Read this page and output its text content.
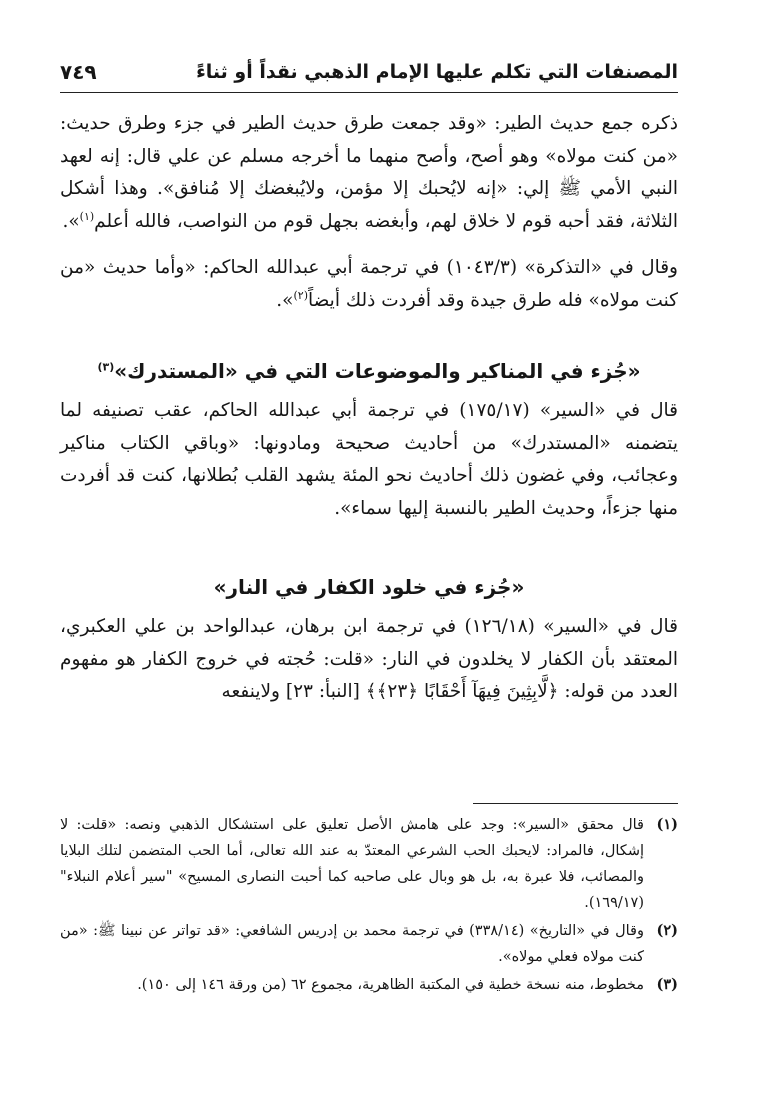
المصنفات التي تكلم عليها الإمام الذهبي نقداً أو ثناءً
٧٤٩

ذكره جمع حديث الطير: «وقد جمعت طرق حديث الطير في جزء وطرق حديث: «من كنت مولاه» وهو أصح، وأصح منهما ما أخرجه مسلم عن علي قال: إنه لعهد النبي الأمي ﷺ إلي: «إنه لايُحبك إلا مؤمن، ولايُبغضك إلا مُنافق». وهذا أشكل الثلاثة، فقد أحبه قوم لا خلاق لهم، وأبغضه بجهل قوم من النواصب، فالله أعلم$^{(١)}$».

وقال في «التذكرة» (١٠٤٣/٣) في ترجمة أبي عبدالله الحاكم: «وأما حديث «من كنت مولاه» فله طرق جيدة وقد أفردت ذلك أيضاً$^{(٢)}$».

«جُزء في المناكير والموضوعات التي في «المستدرك»$^{(٣)}$

قال في «السير» (١٧٥/١٧) في ترجمة أبي عبدالله الحاكم، عقب تصنيفه لما يتضمنه «المستدرك» من أحاديث صحيحة ومادونها: «وباقي الكتاب مناكير وعجائب، وفي غضون ذلك أحاديث نحو المئة يشهد القلب بُطلانها، كنت قد أفردت منها جزءاً، وحديث الطير بالنسبة إليها سماء».

«جُزء في خلود الكفار في النار»

قال في «السير» (١٢٦/١٨) في ترجمة ابن برهان، عبدالواحد بن علي العكبري، المعتقد بأن الكفار لا يخلدون في النار: «قلت: حُجته في خروج الكفار هو مفهوم العدد من قوله: ﴿لَّابِثِينَ فِيهَآ أَحْقَابًا ﴿٢٣﴾﴾ [النبأ: ٢٣] ولاينفعه

(١)
قال محقق «السير»: وجد على هامش الأصل تعليق على استشكال الذهبي ونصه: «قلت: لا إشكال، فالمراد: لايحبك الحب الشرعي المعتدّ به عند الله تعالى، أما الحب المتضمن لتلك البلايا والمصائب، فلا عبرة به، بل هو وبال على صاحبه كما أحبت النصارى المسيح» "سير أعلام النبلاء" (١٦٩/١٧).
(٢)
وقال في «التاريخ» (٣٣٨/١٤) في ترجمة محمد بن إدريس الشافعي: «قد تواتر عن نبينا ﷺ: «من كنت مولاه فعلي مولاه».
(٣)
مخطوط، منه نسخة خطية في المكتبة الظاهرية، مجموع ٦٢ (من ورقة ١٤٦ إلى ١٥٠).
